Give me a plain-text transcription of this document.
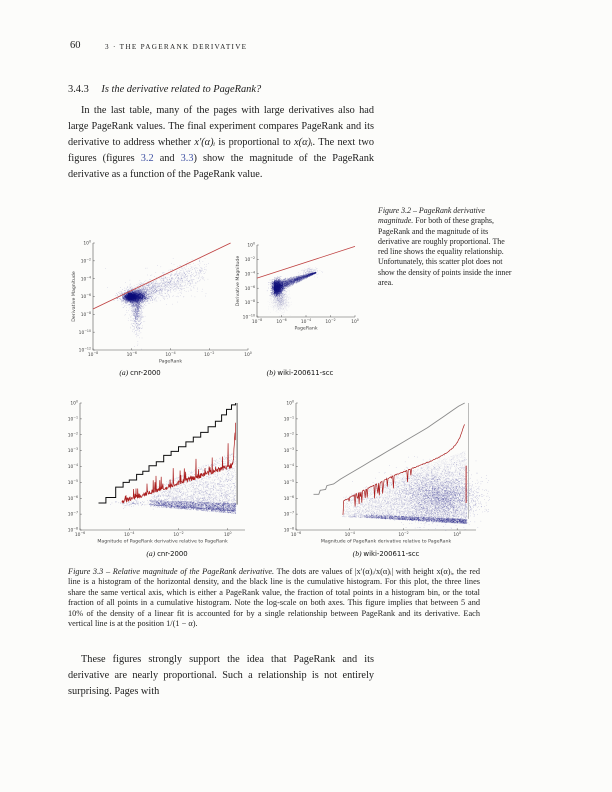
60	3 · THE PAGERANK DERIVATIVE
3.4.3 Is the derivative related to PageRank?

In the last table, many of the pages with large derivatives also had large PageRank values. The final experiment compares PageRank and its derivative to address whether x′(α)ᵢ is proportional to x(α)ᵢ. The next two figures (figures 3.2 and 3.3) show the magnitude of the PageRank derivative as a function of the PageRank value.

Figure 3.2 – PageRank derivative magnitude. For both of these graphs, PageRank and the magnitude of its derivative are roughly proportional. The red line shows the equality relationship. Unfortunately, this scatter plot does not show the density of points inside the inner area.
$10^{-8}$	$10^{-6}$	$10^{-4}$	$10^{-2}$
$10^0$
$10^{-2}$
$10^{-4}$
$10^{-6}$
$10^{-8}$
$10^{-10}$
$10^{-12}$
PageRank
Derivative Magnitude
$10^{-8}$	$10^{-6}$	$10^{-4}$	$10^{-2}$	$10^0$
$10^0$
$10^{-2}$
$10^{-4}$
$10^{-6}$
$10^{-8}$
$10^{-10}$
PageRank
Derivative Magnitude
(a) cnr-2000	(b) wiki-200611-scc
$10^{-6}$	$10^{-4}$	$10^{-2}$	$10^0$
$10^0$
$10^{-1}$
$10^{-2}$
$10^{-3}$
$10^{-4}$
$10^{-5}$
$10^{-6}$
$10^{-7}$
$10^{-8}$
Magnitude of PageRank derivative relative to PageRank
$10^{-6}$	$10^{-4}$	$10^{-2}$	$10^0$
$10^0$
$10^{-1}$
$10^{-2}$
$10^{-3}$
$10^{-4}$
$10^{-5}$
$10^{-6}$
$10^{-7}$
$10^{-8}$
Magnitude of PageRank derivative relative to PageRank
(a) cnr-2000	(b) wiki-200611-scc
Figure 3.3 – Relative magnitude of the PageRank derivative. The dots are values of |x′(α)ᵢ/x(α)ᵢ| with height x(α)ᵢ, the red line is a histogram of the horizontal density, and the black line is the cumulative histogram. For this plot, the three lines share the same vertical axis, which is either a PageRank value, the fraction of total points in a histogram bin, or the total fraction of all points in a cumulative histogram. Note the log-scale on both axes. This figure implies that between 5 and 10% of the density of a linear fit is accounted for by a single relationship between PageRank and its derivative. Each vertical line is at the position 1/(1 − α).

These figures strongly support the idea that PageRank and its derivative are nearly proportional. Such a relationship is not entirely surprising. Pages with
